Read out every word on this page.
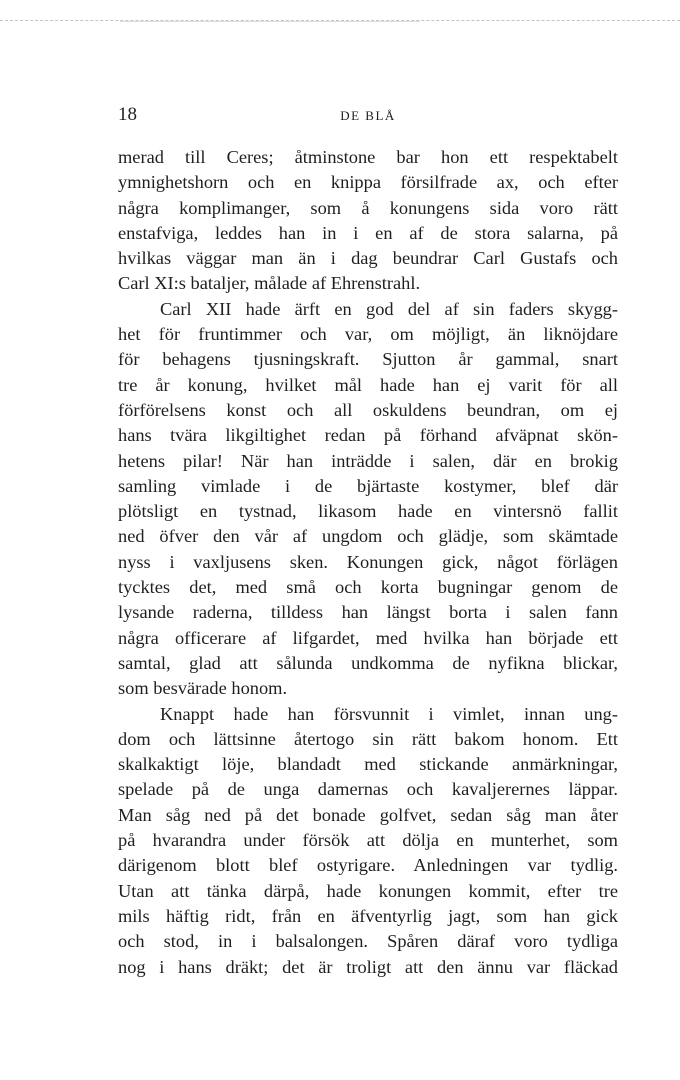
18	DE BLÅ
merad till Ceres; åtminstone bar hon ett respektabelt
ymnighetshorn och en knippa försilfrade ax, och efter
några komplimanger, som å konungens sida voro rätt
enstafviga, leddes han in i en af de stora salarna, på
hvilkas väggar man än i dag beundrar Carl Gustafs och
Carl XI:s bataljer, målade af Ehrenstrahl.
Carl XII hade ärft en god del af sin faders skygg-
het för fruntimmer och var, om möjligt, än liknöjdare
för behagens tjusningskraft. Sjutton år gammal, snart
tre år konung, hvilket mål hade han ej varit för all
förförelsens konst och all oskuldens beundran, om ej
hans tvära likgiltighet redan på förhand afväpnat skön-
hetens pilar! När han inträdde i salen, där en brokig
samling vimlade i de bjärtaste kostymer, blef där
plötsligt en tystnad, likasom hade en vintersnö fallit
ned öfver den vår af ungdom och glädje, som skämtade
nyss i vaxljusens sken. Konungen gick, något förlägen
tycktes det, med små och korta bugningar genom de
lysande raderna, tilldess han längst borta i salen fann
några officerare af lifgardet, med hvilka han började ett
samtal, glad att sålunda undkomma de nyfikna blickar,
som besvärade honom.
Knappt hade han försvunnit i vimlet, innan ung-
dom och lättsinne återtogo sin rätt bakom honom. Ett
skalkaktigt löje, blandadt med stickande anmärkningar,
spelade på de unga damernas och kavaljerernes läppar.
Man såg ned på det bonade golfvet, sedan såg man åter
på hvarandra under försök att dölja en munterhet, som
därigenom blott blef ostyrigare. Anledningen var tydlig.
Utan att tänka därpå, hade konungen kommit, efter tre
mils häftig ridt, från en äfventyrlig jagt, som han gick
och stod, in i balsalongen. Spåren däraf voro tydliga
nog i hans dräkt; det är troligt att den ännu var fläckad
